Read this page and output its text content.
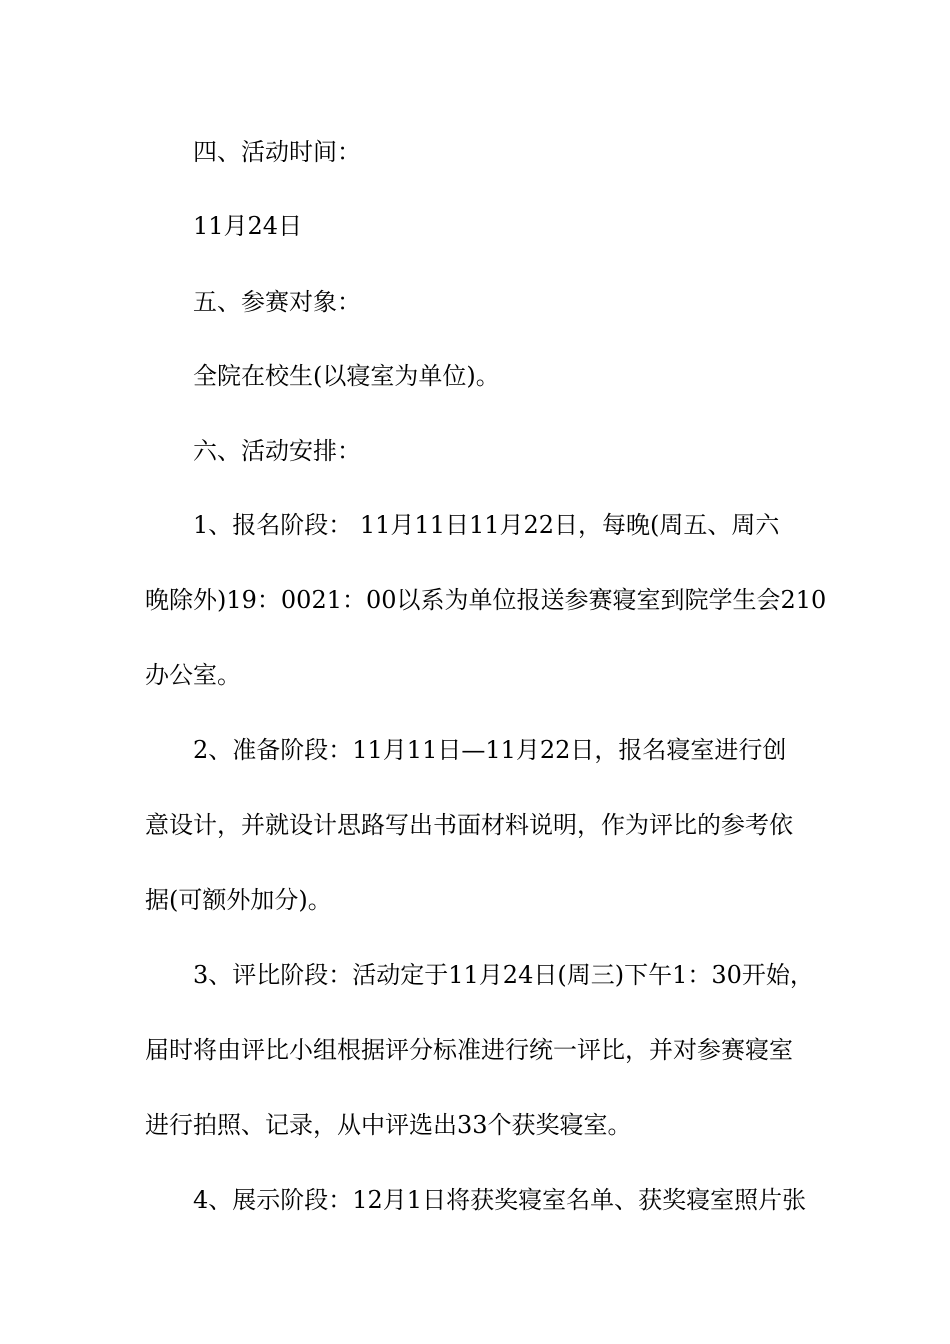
四、活动时间：
11月24日
五、参赛对象：
全院在校生(以寝室为单位)。
六、活动安排：
1、报名阶段： 11月11日11月22日，每晚(周五、周六
晚除外)19：0021：00以系为单位报送参赛寝室到院学生会210
办公室。
2、准备阶段：11月11日—11月22日，报名寝室进行创
意设计，并就设计思路写出书面材料说明，作为评比的参考依
据(可额外加分)。
3、评比阶段：活动定于11月24日(周三)下午1：30开始，
届时将由评比小组根据评分标准进行统一评比，并对参赛寝室
进行拍照、记录，从中评选出33个获奖寝室。
4、展示阶段：12月1日将获奖寝室名单、获奖寝室照片张
